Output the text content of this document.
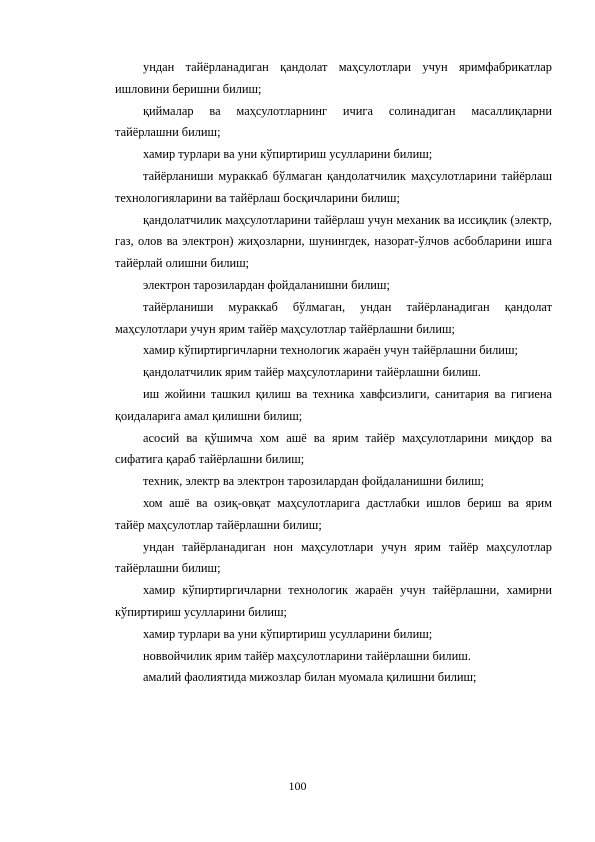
ундан тайёрланадиган қандолат маҳсулотлари учун яримфабрикатлар ишловини беришни билиш;

қиймалар ва маҳсулотларнинг ичига солинадиган масаллиқларни тайёрлашни билиш;

хамир турлари ва уни кўпиртириш усулларини билиш;

тайёрланиши мураккаб бўлмаган қандолатчилик маҳсулотларини тайёрлаш технологияларини ва тайёрлаш босқичларини билиш;

қандолатчилик маҳсулотларини тайёрлаш учун механик ва иссиқлик (электр, газ, олов ва электрон) жиҳозларни, шунингдек, назорат-ўлчов асбобларини ишга тайёрлай олишни билиш;

электрон тарозилардан фойдаланишни билиш;

тайёрланиши мураккаб бўлмаган, ундан тайёрланадиган қандолат маҳсулотлари учун ярим тайёр маҳсулотлар тайёрлашни билиш;

хамир кўпиртиргичларни технологик жараён учун тайёрлашни билиш;

қандолатчилик ярим тайёр маҳсулотларини тайёрлашни билиш.

иш жойини ташкил қилиш ва техника хавфсизлиги, санитария ва гигиена қоидаларига амал қилишни билиш;

асосий ва қўшимча хом ашё ва ярим тайёр маҳсулотларини миқдор ва сифатига қараб тайёрлашни билиш;

техник, электр ва электрон тарозилардан фойдаланишни билиш;

хом ашё ва озиқ-овқат маҳсулотларига дастлабки ишлов бериш ва ярим тайёр маҳсулотлар тайёрлашни билиш;

ундан тайёрланадиган нон маҳсулотлари учун ярим тайёр маҳсулотлар тайёрлашни билиш;

хамир кўпиртиргичларни технологик жараён учун тайёрлашни, хамирни кўпиртириш усулларини билиш;

хамир турлари ва уни кўпиртириш усулларини билиш;

новвойчилик ярим тайёр маҳсулотларини тайёрлашни билиш.

амалий фаолиятида мижозлар билан муомала қилишни билиш;

100
